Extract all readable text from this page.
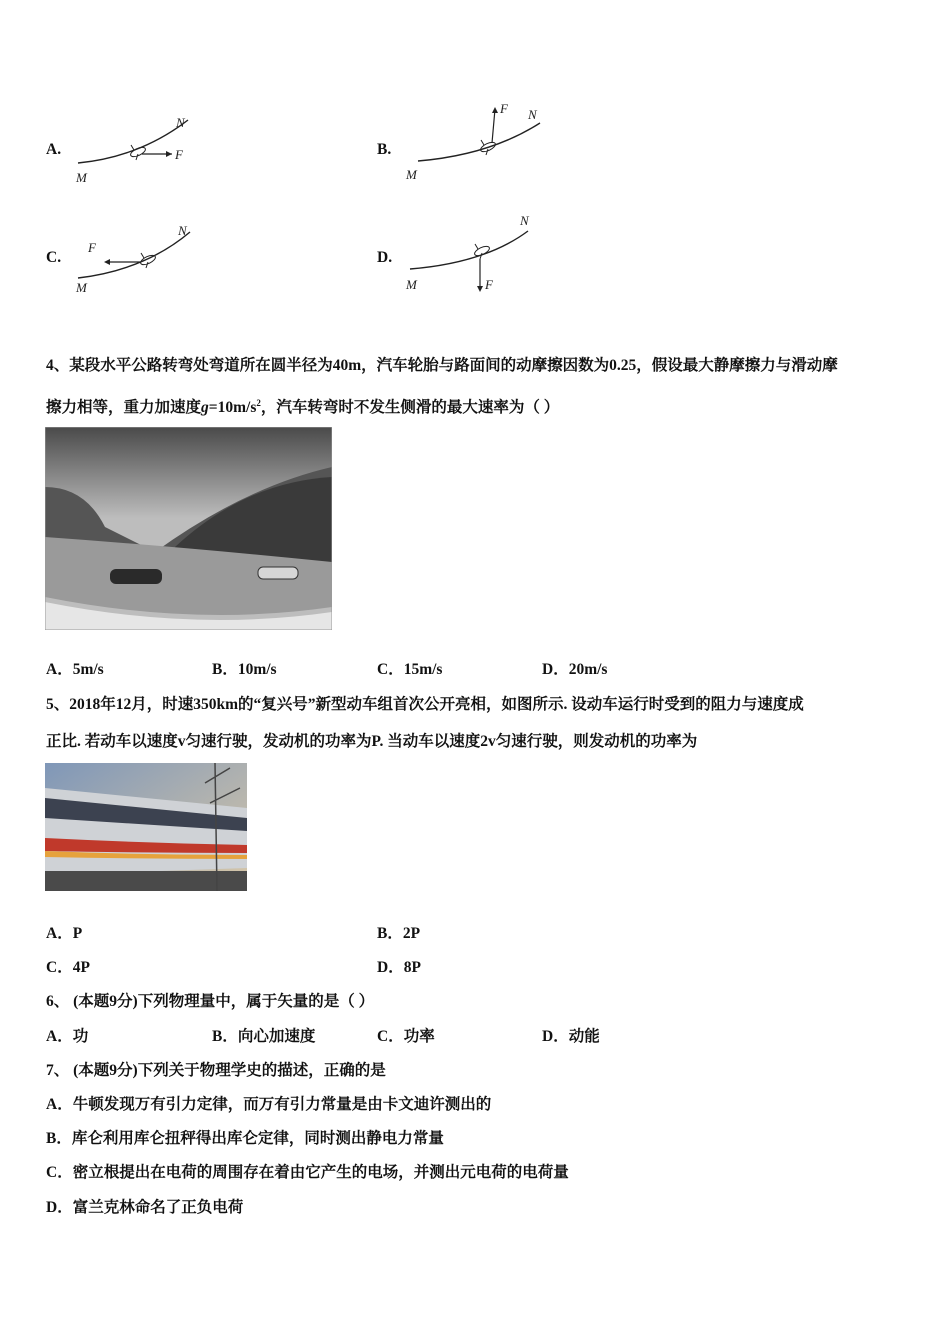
A.	F
N
M
B.
F N
M
C.
F
N
M
D.
F
N
M
4、某段水平公路转弯处弯道所在圆半径为40m，汽车轮胎与路面间的动摩擦因数为0.25，假设最大静摩擦力与滑动摩
擦力相等，重力加速度$g=10m/s^2$，汽车转弯时不发生侧滑的最大速率为（ ）
A．5m/s	B．10m/s	C．15m/s	D．20m/s
5、2018年12月，时速350km的“复兴号”新型动车组首次公开亮相，如图所示. 设动车运行时受到的阻力与速度成
正比. 若动车以速度v匀速行驶，发动机的功率为P. 当动车以速度2v匀速行驶，则发动机的功率为
A．P	B．2P
C．4P	D．8P
6、 (本题9分)下列物理量中，属于矢量的是（ ）
A．功	B．向心加速度	C．功率	D．动能
7、 (本题9分)下列关于物理学史的描述，正确的是
A．牛顿发现万有引力定律，而万有引力常量是由卡文迪许测出的
B．库仑利用库仑扭秤得出库仑定律，同时测出静电力常量
C．密立根提出在电荷的周围存在着由它产生的电场，并测出元电荷的电荷量
D．富兰克林命名了正负电荷
